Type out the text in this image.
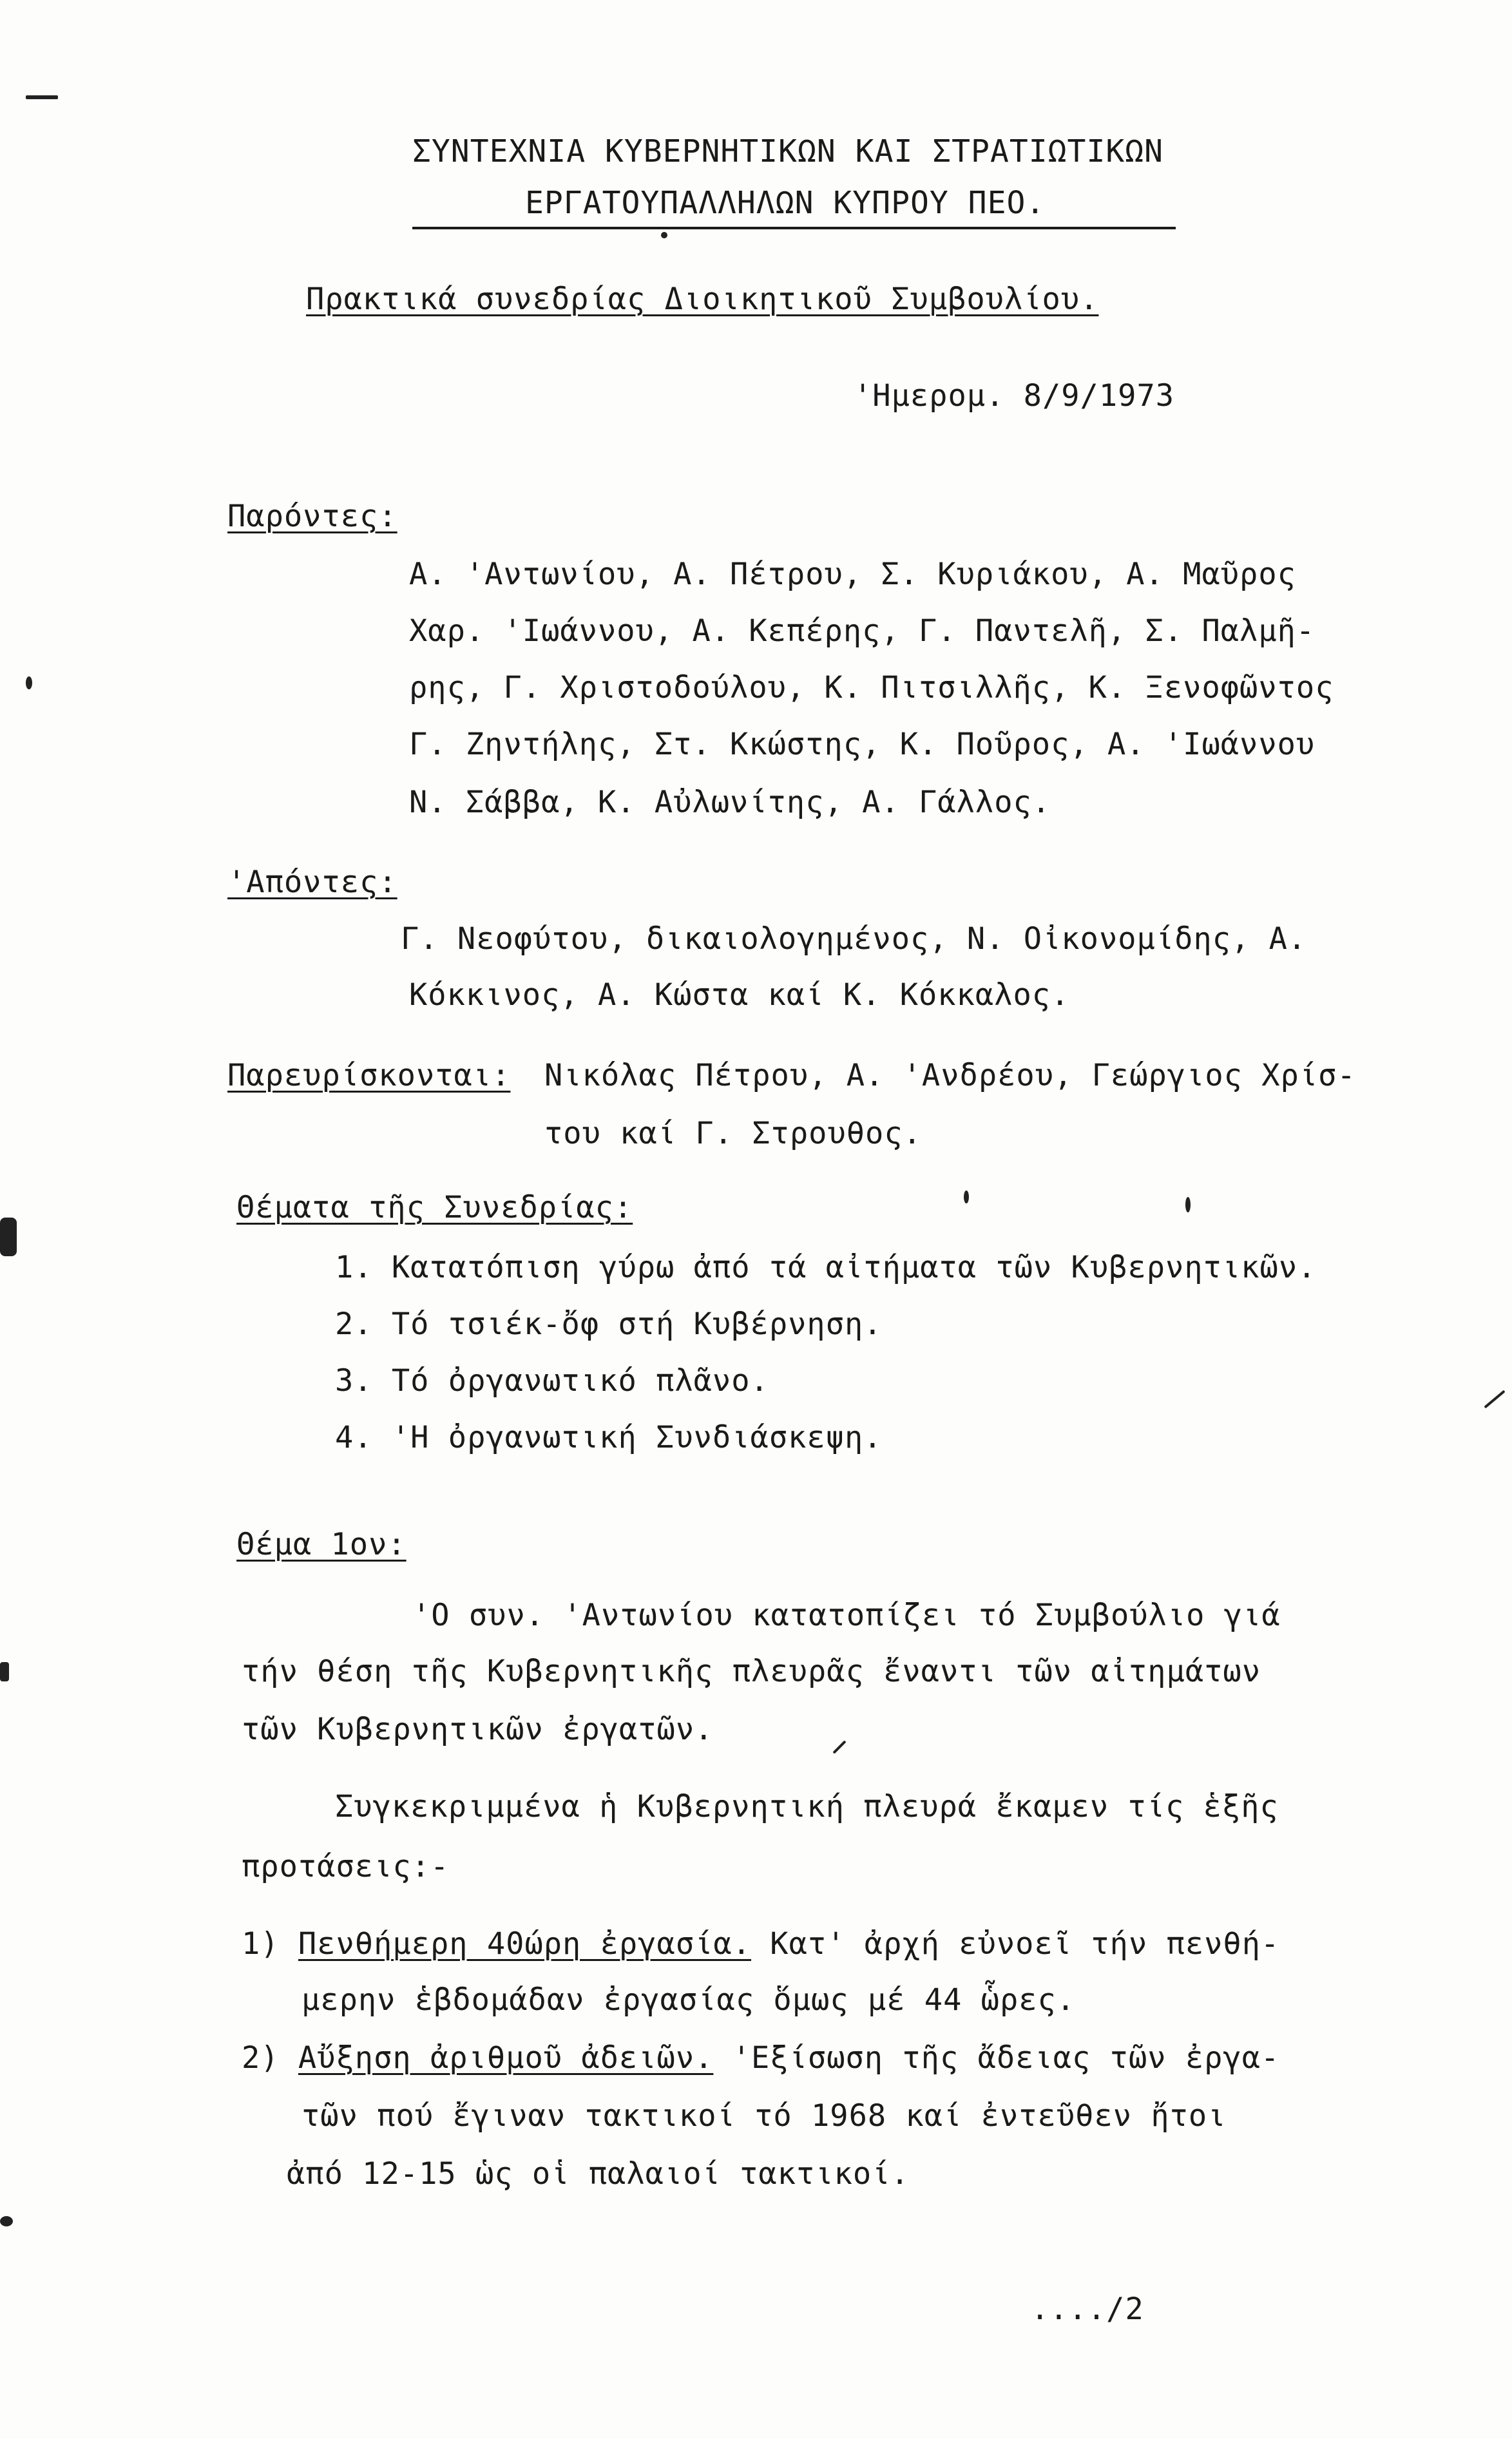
ΣΥΝΤΕΧΝΙΑ ΚΥΒΕΡΝΗΤΙΚΩΝ ΚΑΙ ΣΤΡΑΤΙΩΤΙΚΩΝ
ΕΡΓΑΤΟΥΠΑΛΛΗΛΩΝ ΚΥΠΡΟΥ ΠΕΟ.
Πρακτικά συνεδρίας Διοικητικοῦ Συμβουλίου.
'Ημερομ. 8/9/1973
Παρόντες:
Α. 'Αντωνίου, Α. Πέτρου, Σ. Κυριάκου, Α. Μαῦρος
Χαρ. 'Ιωάννου, Α. Κεπέρης, Γ. Παντελῆ, Σ. Παλμῆ-
ρης, Γ. Χριστοδούλου, Κ. Πιτσιλλῆς, Κ. Ξενοφῶντος
Γ. Ζηντήλης, Στ. Κκώστης, Κ. Ποῦρος, Α. 'Ιωάννου
Ν. Σάββα, Κ. Αὐλωνίτης, Α. Γάλλος.
'Απόντες:
Γ. Νεοφύτου, δικαιολογημένος, Ν. Οἰκονομίδης, Α.
Κόκκινος, Α. Κώστα καί Κ. Κόκκαλος.
Παρευρίσκονται: Νικόλας Πέτρου, Α. 'Ανδρέου, Γεώργιος Χρίσ-
του καί Γ. Στρουθος.
Θέματα τῆς Συνεδρίας:
1. Κατατόπιση γύρω ἀπό τά αἰτήματα τῶν Κυβερνητικῶν.
2. Τό τσιέκ-ὄφ στή Κυβέρνηση.
3. Τό ὀργανωτικό πλᾶνο.
4. 'Η ὀργανωτική Συνδιάσκεψη.
Θέμα 1ον:
'Ο συν. 'Αντωνίου κατατοπίζει τό Συμβούλιο γιά
τήν θέση τῆς Κυβερνητικῆς πλευρᾶς ἔναντι τῶν αἰτημάτων
τῶν Κυβερνητικῶν ἐργατῶν.
Συγκεκριμμένα ἡ Κυβερνητική πλευρά ἔκαμεν τίς ἑξῆς
προτάσεις:-
1) Πενθήμερη 40ώρη ἐργασία. Κατ' ἀρχή εὐνοεῖ τήν πενθή-
μερην ἑβδομάδαν ἐργασίας ὅμως μέ 44 ὧρες.
2) Αὔξηση ἀριθμοῦ ἀδειῶν. 'Εξίσωση τῆς ἄδειας τῶν ἐργα-
τῶν πού ἔγιναν τακτικοί τό 1968 καί ἐντεῦθεν ἤτοι
ἀπό 12-15 ὡς οἱ παλαιοί τακτικοί.
..../2
